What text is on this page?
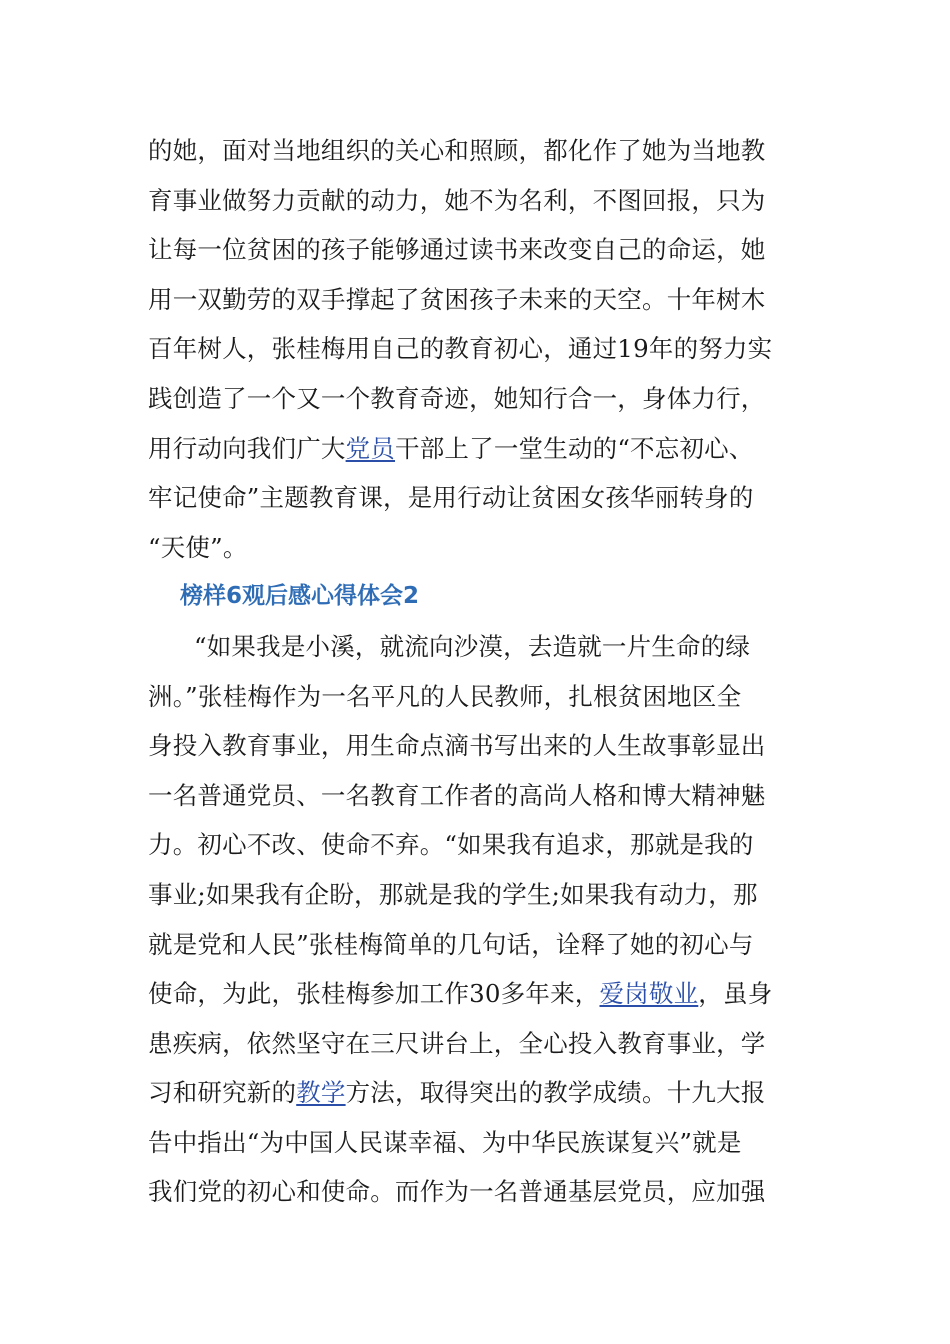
的她，面对当地组织的关心和照顾，都化作了她为当地教
育事业做努力贡献的动力，她不为名利，不图回报，只为
让每一位贫困的孩子能够通过读书来改变自己的命运，她
用一双勤劳的双手撑起了贫困孩子未来的天空。十年树木
百年树人，张桂梅用自己的教育初心，通过19年的努力实
践创造了一个又一个教育奇迹，她知行合一，身体力行，
用行动向我们广大党员干部上了一堂生动的“不忘初心、
牢记使命”主题教育课，是用行动让贫困女孩华丽转身的
“天使”。
榜样6观后感心得体会2
“如果我是小溪，就流向沙漠，去造就一片生命的绿
洲。”张桂梅作为一名平凡的人民教师，扎根贫困地区全
身投入教育事业，用生命点滴书写出来的人生故事彰显出
一名普通党员、一名教育工作者的高尚人格和博大精神魅
力。初心不改、使命不弃。“如果我有追求，那就是我的
事业;如果我有企盼，那就是我的学生;如果我有动力，那
就是党和人民”张桂梅简单的几句话，诠释了她的初心与
使命，为此，张桂梅参加工作30多年来，爱岗敬业，虽身
患疾病，依然坚守在三尺讲台上，全心投入教育事业，学
习和研究新的教学方法，取得突出的教学成绩。十九大报
告中指出“为中国人民谋幸福、为中华民族谋复兴”就是
我们党的初心和使命。而作为一名普通基层党员，应加强
